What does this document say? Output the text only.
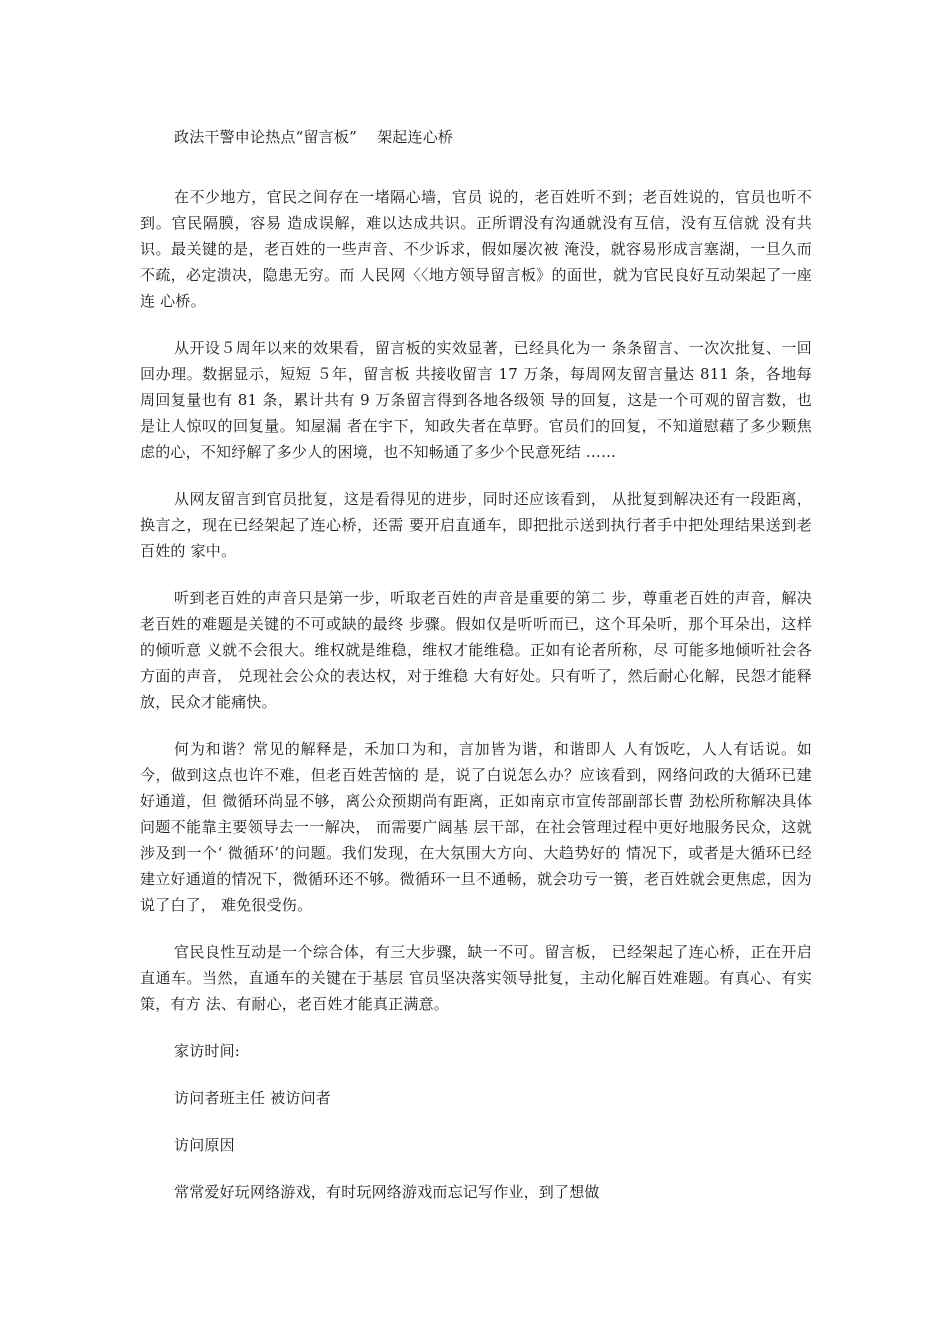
政法干警申论热点“留言板”　 架起连心桥

在不少地方，官民之间存在一堵隔心墙，官员 说的，老百姓听不到；老百姓说的，官员也听不到。官民隔膜，容易 造成误解，难以达成共识。正所谓没有沟通就没有互信，没有互信就 没有共识。最关键的是，老百姓的一些声音、不少诉求，假如屡次被 淹没，就容易形成言塞湖，一旦久而不疏，必定溃决，隐患无穷。而 人民网〈〈地方领导留言板》的面世，就为官民良好互动架起了一座连 心桥。

从开设５周年以来的效果看，留言板的实效显著，已经具化为一 条条留言、一次次批复、一回回办理。数据显示，短短 ５年，留言板 共接收留言 17 万条，每周网友留言量达 811 条，各地每 周回复量也有 81 条，累计共有 9 万条留言得到各地各级领 导的回复，这是一个可观的留言数，也是让人惊叹的回复量。知屋漏 者在宇下，知政失者在草野。官员们的回复，不知道慰藉了多少颗焦 虑的心，不知纾解了多少人的困境，也不知畅通了多少个民意死结 ……

从网友留言到官员批复，这是看得见的进步，同时还应该看到， 从批复到解决还有一段距离，换言之，现在已经架起了连心桥，还需 要开启直通车，即把批示送到执行者手中把处理结果送到老百姓的 家中。

听到老百姓的声音只是第一步，听取老百姓的声音是重要的第二 步，尊重老百姓的声音，解决老百姓的难题是关键的不可或缺的最终 步骤。假如仅是听听而已，这个耳朵听，那个耳朵出，这样的倾听意 义就不会很大。维权就是维稳，维权才能维稳。正如有论者所称，尽 可能多地倾听社会各方面的声音， 兑现社会公众的表达权，对于维稳 大有好处。只有听了，然后耐心化解，民怨才能释放，民众才能痛快。

何为和谐？常见的解释是，禾加口为和，言加皆为谐，和谐即人 人有饭吃，人人有话说。如今，做到这点也许不难，但老百姓苦恼的 是，说了白说怎么办？应该看到，网络问政的大循环已建好通道，但 微循环尚显不够，离公众预期尚有距离，正如南京市宣传部副部长曹 劲松所称解决具体问题不能靠主要领导去一一解决， 而需要广阔基 层干部，在社会管理过程中更好地服务民众，这就涉及到一个‘ 微循环’的问题。我们发现，在大氛围大方向、大趋势好的 情况下，或者是大循环已经建立好通道的情况下，微循环还不够。微循环一旦不通畅，就会功亏一篑，老百姓就会更焦虑，因为说了白了， 难免很受伤。

官民良性互动是一个综合体，有三大步骤，缺一不可。留言板， 已经架起了连心桥，正在开启直通车。当然，直通车的关键在于基层 官员坚决落实领导批复，主动化解百姓难题。有真心、有实策，有方 法、有耐心，老百姓才能真正满意。

家访时间:

访问者班主任 被访问者

访问原因

常常爱好玩网络游戏，有时玩网络游戏而忘记写作业，到了想做
